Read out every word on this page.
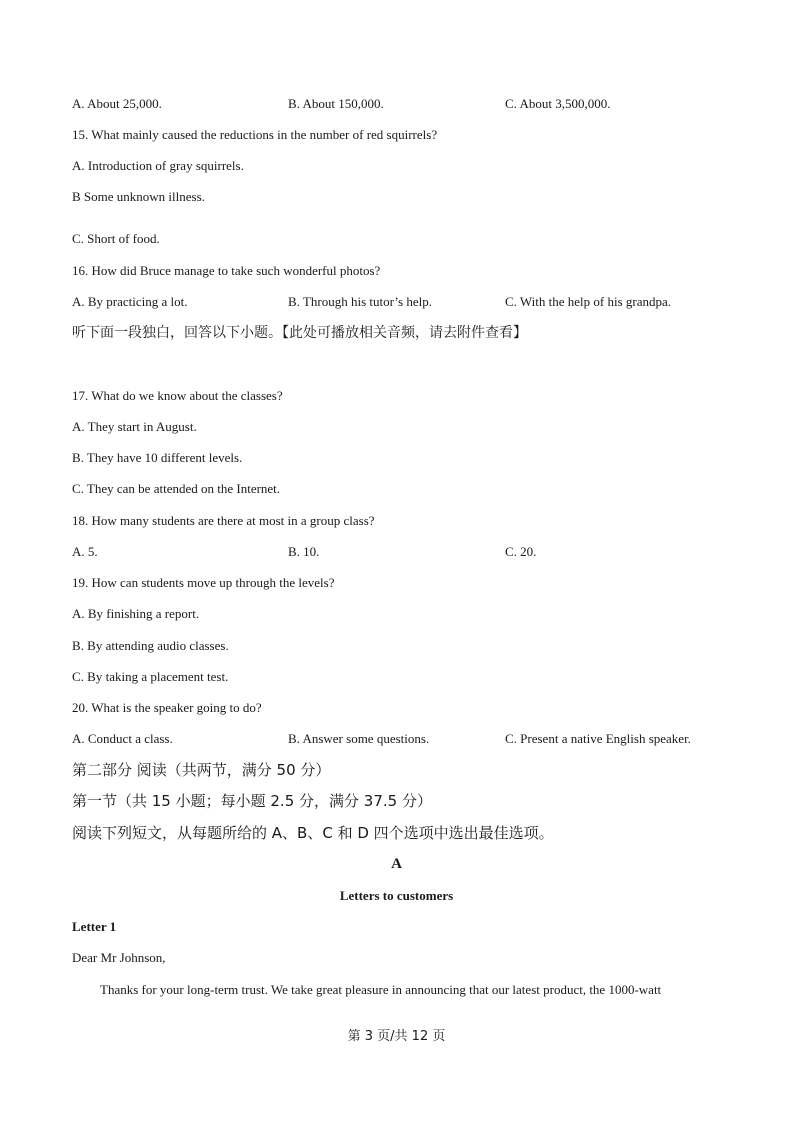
A. About 25,000.	B. About 150,000.	C. About 3,500,000.
15. What mainly caused the reductions in the number of red squirrels?
A. Introduction of gray squirrels.
B Some unknown illness.
C. Short of food.
16. How did Bruce manage to take such wonderful photos?
A. By practicing a lot.	B. Through his tutor’s help.	C. With the help of his grandpa.
听下面一段独白，回答以下小题。【此处可播放相关音频，请去附件查看】
17. What do we know about the classes?
A. They start in August.
B. They have 10 different levels.
C. They can be attended on the Internet.
18. How many students are there at most in a group class?
A. 5.	B. 10.	C. 20.
19. How can students move up through the levels?
A. By finishing a report.
B. By attending audio classes.
C. By taking a placement test.
20. What is the speaker going to do?
A. Conduct a class.	B. Answer some questions.	C. Present a native English speaker.
第二部分 阅读（共两节，满分 50 分）
第一节（共 15 小题；每小题 2.5 分，满分 37.5 分）
阅读下列短文，从每题所给的 A、B、C 和 D 四个选项中选出最佳选项。
A
Letters to customers
Letter 1
Dear Mr Johnson,
Thanks for your long-term trust. We take great pleasure in announcing that our latest product, the 1000-watt
第 3 页/共 12 页
